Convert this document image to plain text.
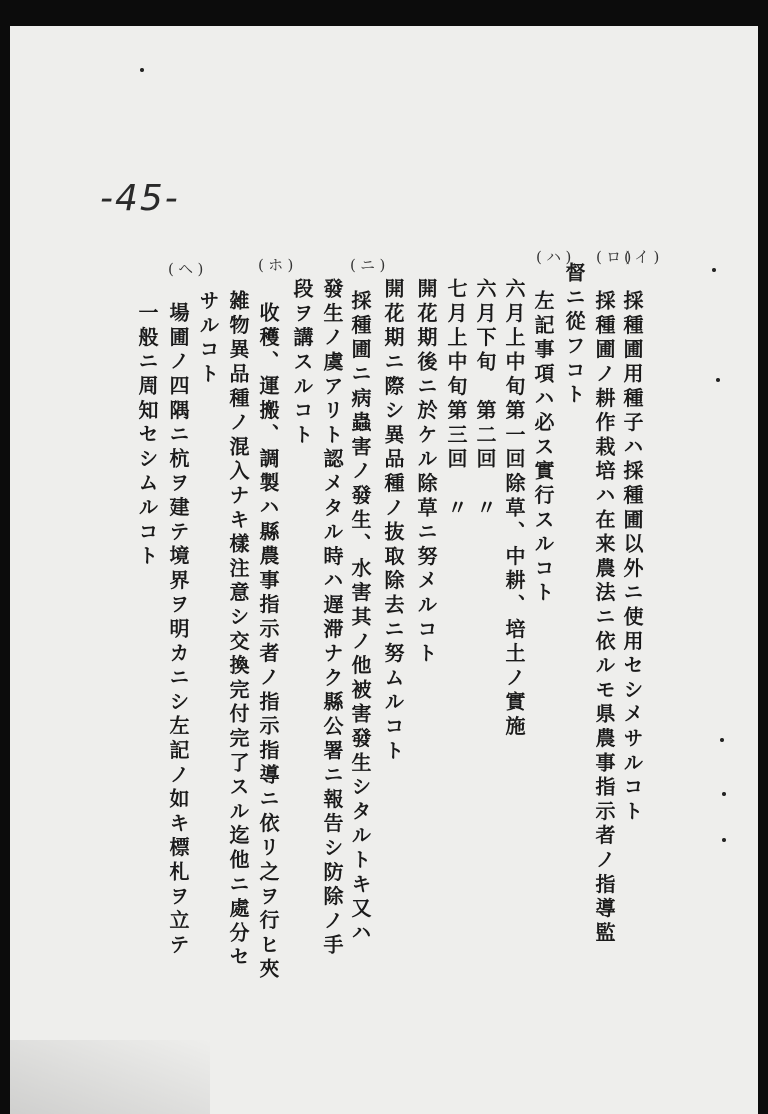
-45-
(イ)
(ロ)
(ハ)
(ニ)
(ホ)
(ヘ)
採種圃用種子ハ採種圃以外ニ使用セシメサルコト
採種圃ノ耕作栽培ハ在来農法ニ依ルモ県農事指示者ノ指導監
督ニ從フコト
左記事項ハ必ス實行スルコト
六月上中旬第一回除草、中耕、培土ノ實施
六月下旬　第二回　〃
七月上中旬第三回　〃
開花期後ニ於ケル除草ニ努メルコト
開花期ニ際シ異品種ノ抜取除去ニ努ムルコト
採種圃ニ病蟲害ノ發生、水害其ノ他被害發生シタルトキ又ハ
發生ノ虞アリト認メタル時ハ遅滞ナク縣公署ニ報告シ防除ノ手
段ヲ講スルコト
收穫、運搬、調製ハ縣農事指示者ノ指示指導ニ依リ之ヲ行ヒ夾
雑物異品種ノ混入ナキ樣注意シ交換完付完了スル迄他ニ處分セ
サルコト
場圃ノ四隅ニ杭ヲ建テ境界ヲ明カニシ左記ノ如キ標札ヲ立テ
一般ニ周知セシムルコト
